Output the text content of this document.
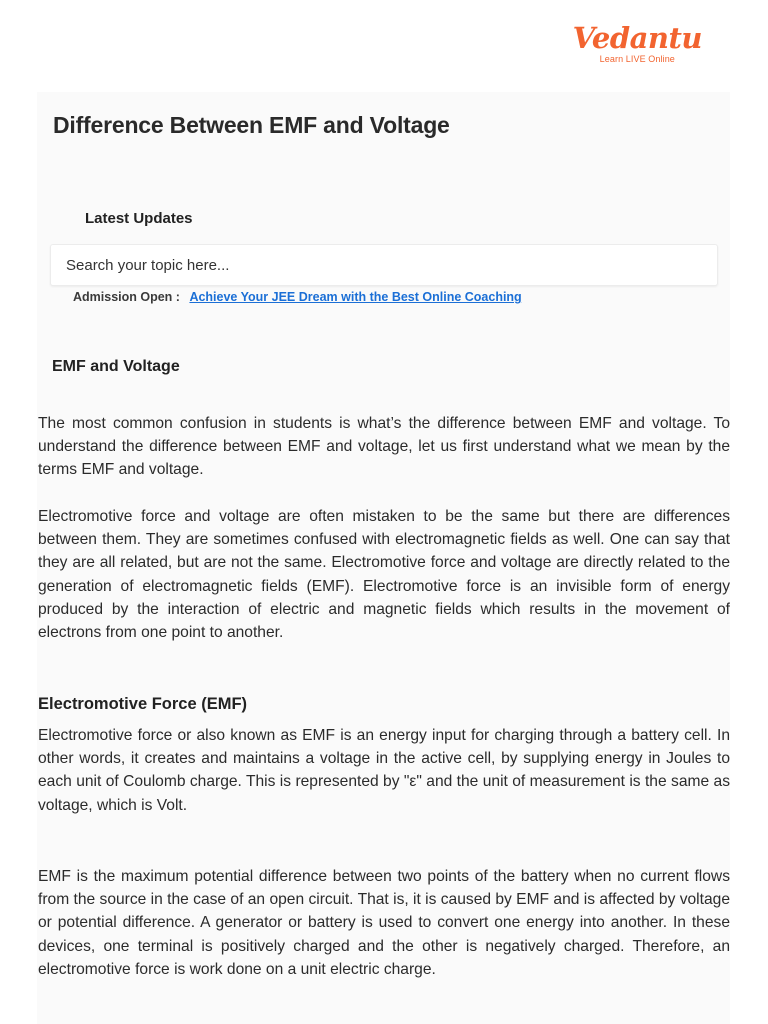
Vedantu
Learn LIVE Online
Difference Between EMF and Voltage
Latest Updates
Search your topic here...
Admission Open : Achieve Your JEE Dream with the Best Online Coaching
EMF and Voltage

The most common confusion in students is what’s the difference between EMF and voltage. To understand the difference between EMF and voltage, let us first understand what we mean by the terms EMF and voltage.

Electromotive force and voltage are often mistaken to be the same but there are differences between them. They are sometimes confused with electromagnetic fields as well. One can say that they are all related, but are not the same. Electromotive force and voltage are directly related to the generation of electromagnetic fields (EMF). Electromotive force is an invisible form of energy produced by the interaction of electric and magnetic fields which results in the movement of electrons from one point to another.

Electromotive Force (EMF)

Electromotive force or also known as EMF is an energy input for charging through a battery cell. In other words, it creates and maintains a voltage in the active cell, by supplying energy in Joules to each unit of Coulomb charge. This is represented by "ε" and the unit of measurement is the same as voltage, which is Volt.

EMF is the maximum potential difference between two points of the battery when no current flows from the source in the case of an open circuit. That is, it is caused by EMF and is affected by voltage or potential difference. A generator or battery is used to convert one energy into another. In these devices, one terminal is positively charged and the other is negatively charged. Therefore, an electromotive force is work done on a unit electric charge.
